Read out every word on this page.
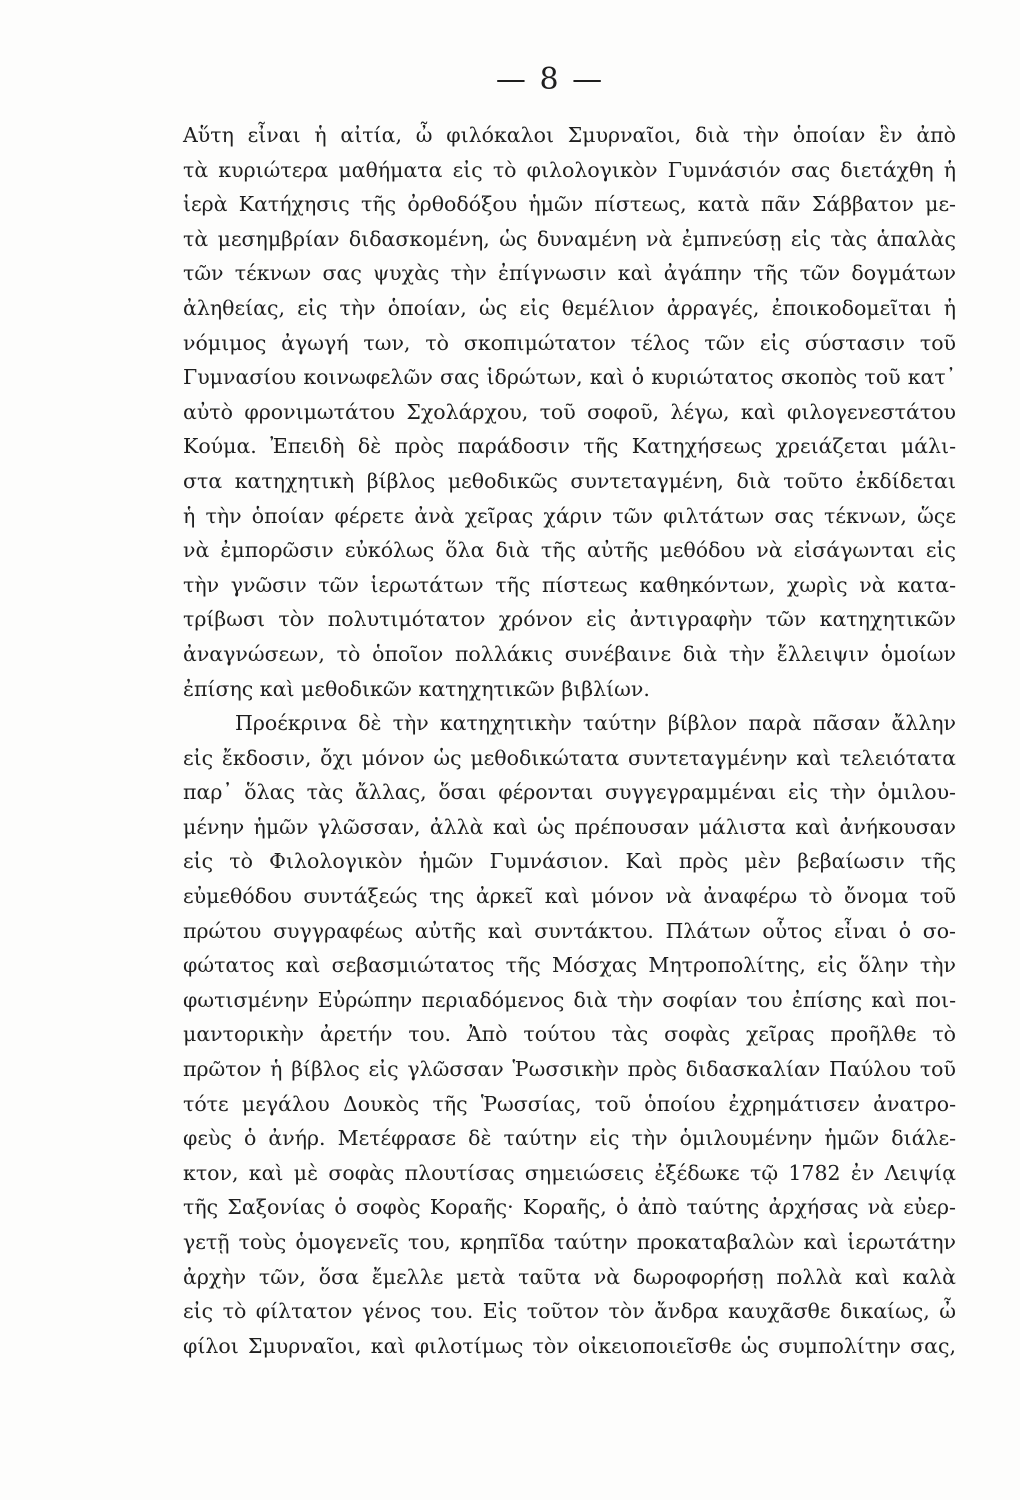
— 8 —
Αὕτη εἶναι ἡ αἰτία, ὦ φιλόκαλοι Σμυρναῖοι, διὰ τὴν ὁποίαν ἓν ἀπὸ
τὰ κυριώτερα μαθήματα εἰς τὸ φιλολογικὸν Γυμνάσιόν σας διετάχθη ἡ
ἱερὰ Κατήχησις τῆς ὀρθοδόξου ἡμῶν πίστεως, κατὰ πᾶν Σάββατον με-
τὰ μεσημβρίαν διδασκομένη, ὡς δυναμένη νὰ ἐμπνεύσῃ εἰς τὰς ἁπαλὰς
τῶν τέκνων σας ψυχὰς τὴν ἐπίγνωσιν καὶ ἀγάπην τῆς τῶν δογμάτων
ἀληθείας, εἰς τὴν ὁποίαν, ὡς εἰς θεμέλιον ἀρραγές, ἐποικοδομεῖται ἡ
νόμιμος ἀγωγή των, τὸ σκοπιμώτατον τέλος τῶν εἰς σύστασιν τοῦ
Γυμνασίου κοινωφελῶν σας ἱδρώτων, καὶ ὁ κυριώτατος σκοπὸς τοῦ κατ᾽
αὐτὸ φρονιμωτάτου Σχολάρχου, τοῦ σοφοῦ, λέγω, καὶ φιλογενεστάτου
Κούμα. Ἐπειδὴ δὲ πρὸς παράδοσιν τῆς Κατηχήσεως χρειάζεται μάλι-
στα κατηχητικὴ βίβλος μεθοδικῶς συντεταγμένη, διὰ τοῦτο ἐκδίδεται
ἡ τὴν ὁποίαν φέρετε ἀνὰ χεῖρας χάριν τῶν φιλτάτων σας τέκνων, ὥςε
νὰ ἐμπορῶσιν εὐκόλως ὅλα διὰ τῆς αὐτῆς μεθόδου νὰ εἰσάγωνται εἰς
τὴν γνῶσιν τῶν ἱερωτάτων τῆς πίστεως καθηκόντων, χωρὶς νὰ κατα-
τρίβωσι τὸν πολυτιμότατον χρόνον εἰς ἀντιγραφὴν τῶν κατηχητικῶν
ἀναγνώσεων, τὸ ὁποῖον πολλάκις συνέβαινε διὰ τὴν ἔλλειψιν ὁμοίων
ἐπίσης καὶ μεθοδικῶν κατηχητικῶν βιβλίων.
Προέκρινα δὲ τὴν κατηχητικὴν ταύτην βίβλον παρὰ πᾶσαν ἄλλην
εἰς ἔκδοσιν, ὄχι μόνον ὡς μεθοδικώτατα συντεταγμένην καὶ τελειότατα
παρ᾽ ὅλας τὰς ἄλλας, ὅσαι φέρονται συγγεγραμμέναι εἰς τὴν ὁμιλου-
μένην ἡμῶν γλῶσσαν, ἀλλὰ καὶ ὡς πρέπουσαν μάλιστα καὶ ἀνήκουσαν
εἰς τὸ Φιλολογικὸν ἡμῶν Γυμνάσιον. Καὶ πρὸς μὲν βεβαίωσιν τῆς
εὐμεθόδου συντάξεώς της ἀρκεῖ καὶ μόνον νὰ ἀναφέρω τὸ ὄνομα τοῦ
πρώτου συγγραφέως αὐτῆς καὶ συντάκτου. Πλάτων οὗτος εἶναι ὁ σο-
φώτατος καὶ σεβασμιώτατος τῆς Μόσχας Μητροπολίτης, εἰς ὅλην τὴν
φωτισμένην Εὐρώπην περιαδόμενος διὰ τὴν σοφίαν του ἐπίσης καὶ ποι-
μαντορικὴν ἀρετήν του. Ἀπὸ τούτου τὰς σοφὰς χεῖρας προῆλθε τὸ
πρῶτον ἡ βίβλος εἰς γλῶσσαν Ῥωσσικὴν πρὸς διδασκαλίαν Παύλου τοῦ
τότε μεγάλου Δουκὸς τῆς Ῥωσσίας, τοῦ ὁποίου ἐχρημάτισεν ἀνατρο-
φεὺς ὁ ἀνήρ. Μετέφρασε δὲ ταύτην εἰς τὴν ὁμιλουμένην ἡμῶν διάλε-
κτον, καὶ μὲ σοφὰς πλουτίσας σημειώσεις ἐξέδωκε τῷ 1782 ἐν Λειψίᾳ
τῆς Σαξονίας ὁ σοφὸς Κοραῆς· Κοραῆς, ὁ ἀπὸ ταύτης ἀρχήσας νὰ εὐερ-
γετῇ τοὺς ὁμογενεῖς του, κρηπῖδα ταύτην προκαταβαλὼν καὶ ἱερωτάτην
ἀρχὴν τῶν, ὅσα ἔμελλε μετὰ ταῦτα νὰ δωροφορήσῃ πολλὰ καὶ καλὰ
εἰς τὸ φίλτατον γένος του. Εἰς τοῦτον τὸν ἄνδρα καυχᾶσθε δικαίως, ὦ
φίλοι Σμυρναῖοι, καὶ φιλοτίμως τὸν οἰκειοποιεῖσθε ὡς συμπολίτην σας,
